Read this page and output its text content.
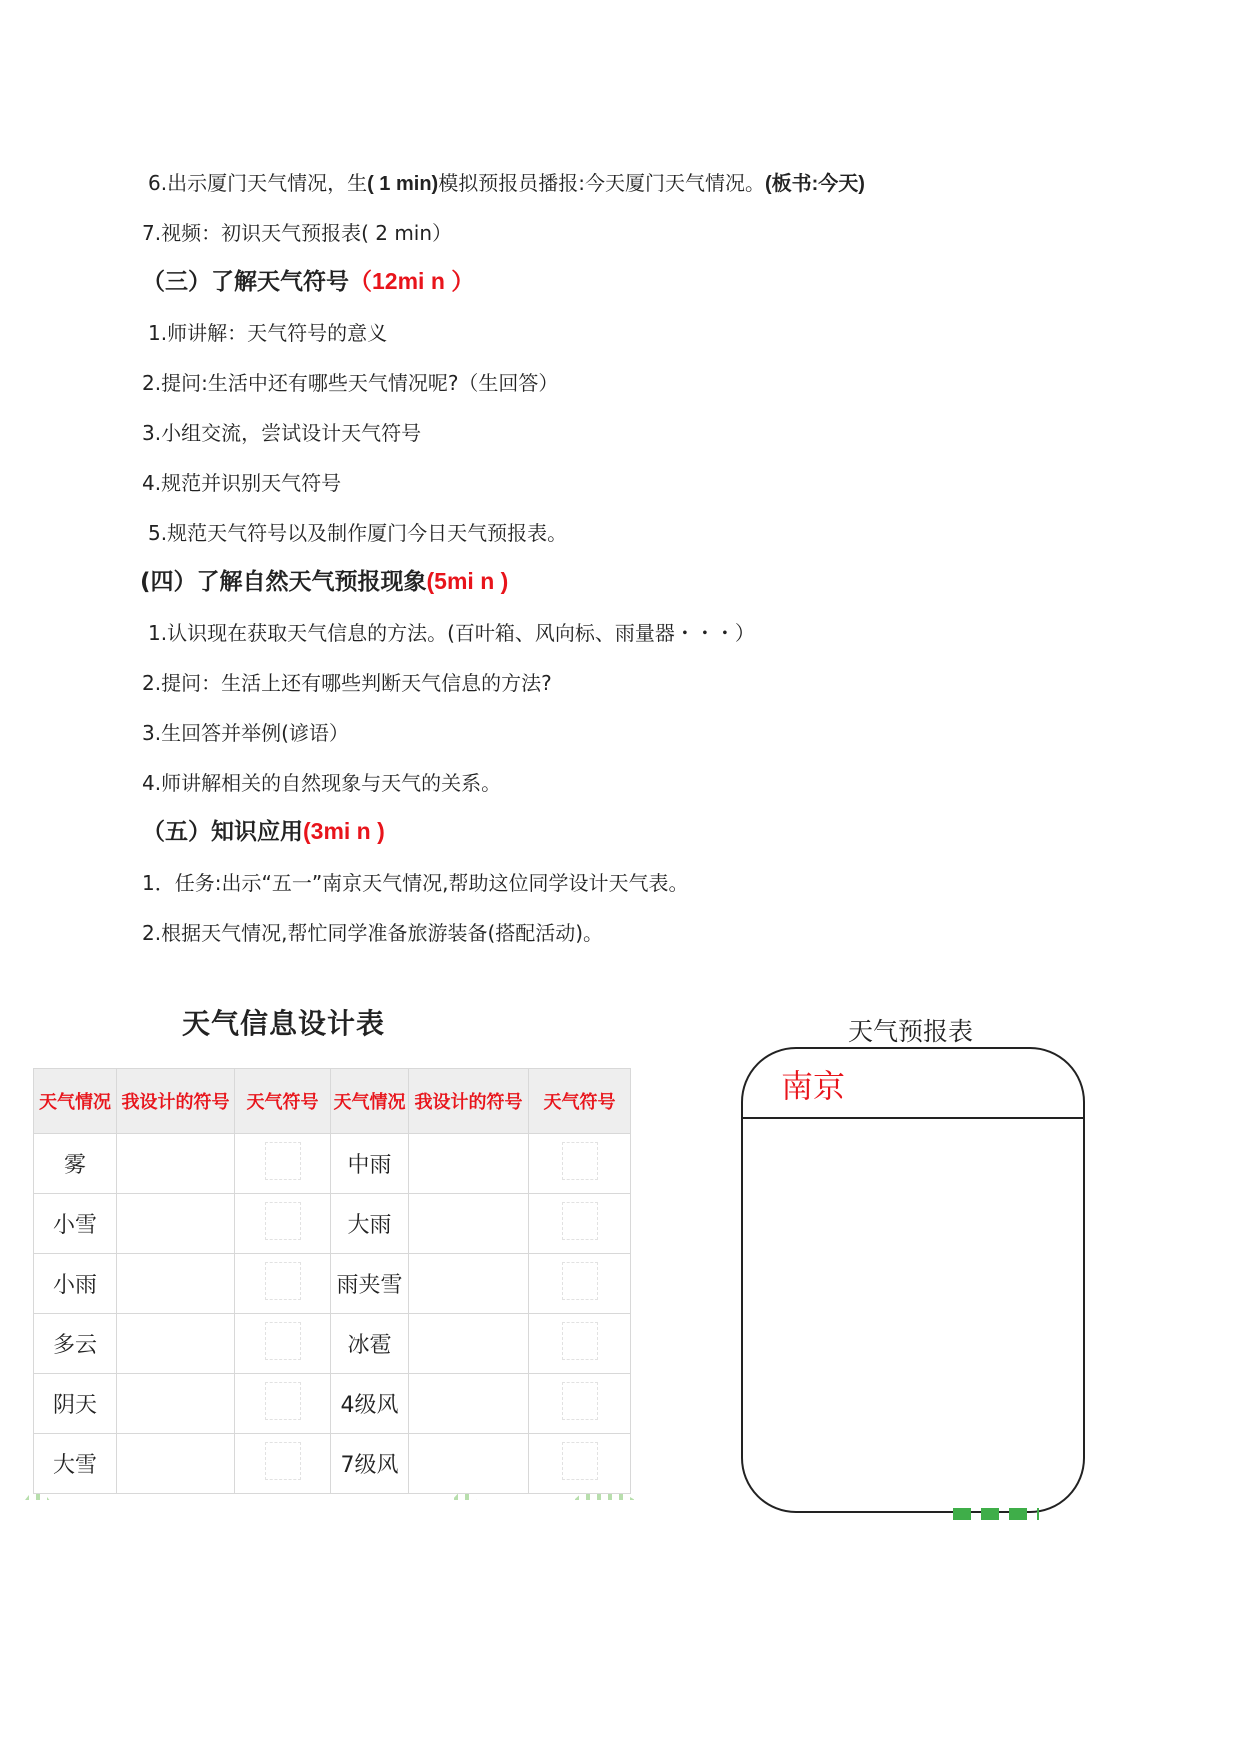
6.出示厦门天气情况，生( 1 min)模拟预报员播报:今天厦门天气情况。(板书:今天)
7.视频：初识天气预报表( 2 min）
（三）了解天气符号（12mi n ）
1.师讲解：天气符号的意义
2.提问:生活中还有哪些天气情况呢?（生回答）
3.小组交流，尝试设计天气符号
4.规范并识别天气符号
5.规范天气符号以及制作厦门今日天气预报表。
(四）了解自然天气预报现象(5mi n )
1.认识现在获取天气信息的方法。(百叶箱、风向标、雨量器・・・）
2.提问：生活上还有哪些判断天气信息的方法?
3.生回答并举例(谚语）
4.师讲解相关的自然现象与天气的关系。
（五）知识应用(3mi n )
1．任务:出示“五一”南京天气情况,帮助这位同学设计天气表。
2.根据天气情况,帮忙同学准备旅游装备(搭配活动)。
天气信息设计表
天气情况	我设计的符号	天气符号	天气情况	我设计的符号	天气符号
雾			中雨		
小雪			大雨		
小雨			雨夹雪		
多云			冰雹		
阴天			4级风		
大雪			7级风		
天气预报表
南京
